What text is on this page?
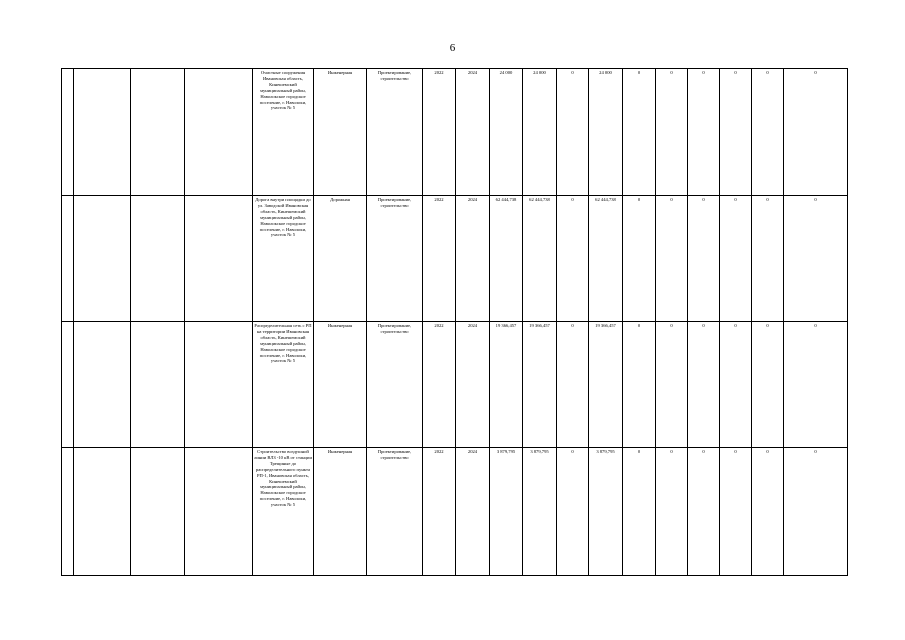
6
				Очистные сооружения Ивановская область, Кинешемский муниципальный район, Наволокское городское поселение, г. Наволоки, участок № 5	Инженерная	Проектирование, строительство	2022	2024	24 000	24 000	0	24 000	0	0	0	0	0	0
				Дорога внутри площадки до ул. Заводской Ивановская область, Кинешемский муниципальный район, Наволокское городское поселение, г. Наволоки, участок № 5	Дорожная	Проектирование, строительство	2022	2024	62 444,738	62 444,738	0	62 444,738	0	0	0	0	0	0
				Распределительная сеть с РП на территории Ивановская область, Кинешемский муниципальный район, Наволокское городское поселение, г. Наволоки, участок № 5	Инженерная	Проектирование, строительство	2022	2024	19 366,457	19 366,457	0	19 366,457	0	0	0	0	0	0
				Строительство воздушной линии ВЛЗ -10 кВ от станции Трещиные до распределительного пункта РП-1, Ивановская область, Кинешемский муниципальный район, Наволокское городское поселение, г. Наволоки, участок № 5	Инженерная	Проектирование, строительство	2022	2024	3 879,795	3 879,795	0	3 879,795	0	0	0	0	0	0
